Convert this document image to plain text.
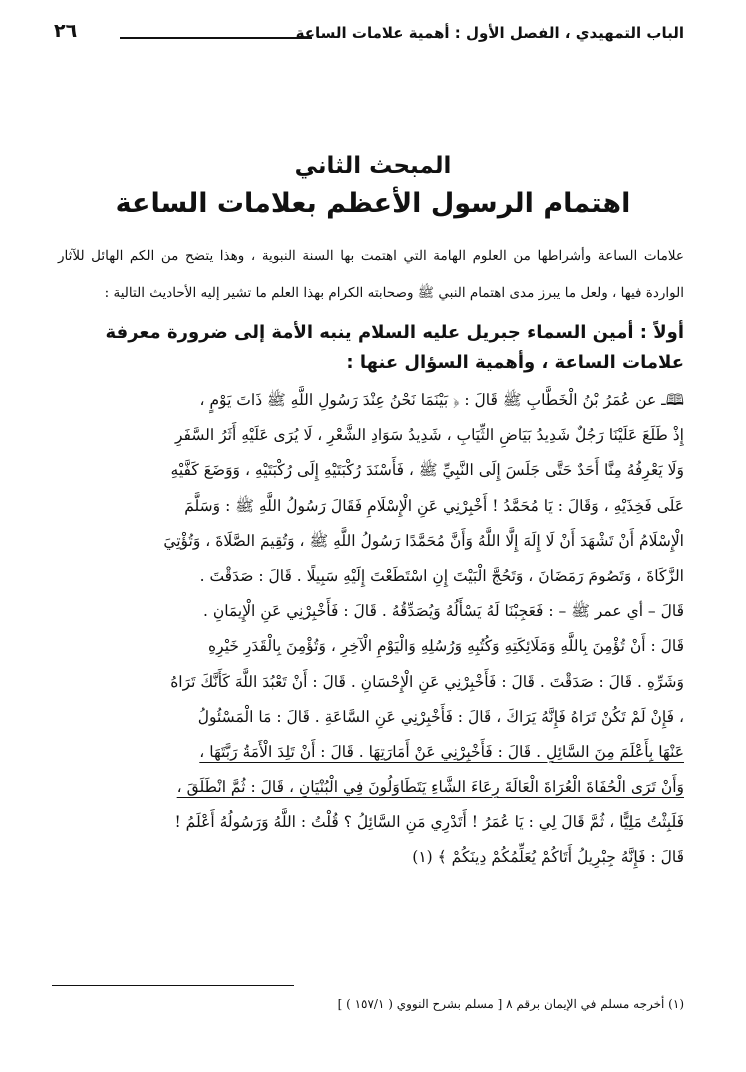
الباب التمهيدي ، الفصل الأول : أهمية علامات الساعة
٢٦
المبحث الثاني
اهتمام الرسول الأعظم بعلامات الساعة
علامات الساعة وأشراطها من العلوم الهامة التي اهتمت بها السنة النبوية ، وهذا يتضح من الكم الهائل للآثار الواردة فيها ، ولعل ما يبرز مدى اهتمام النبي ﷺ وصحابته الكرام بهذا العلم ما تشير إليه الأحاديث التالية :
أولاً : أمين السماء جبريل عليه السلام ينبه الأمة إلى ضرورة معرفة علامات الساعة ، وأهمية السؤال عنها :
🕮ـ عن عُمَرُ بْنُ الْخَطَّابِ ﷺ قَالَ : ﴿ بَيْنَمَا نَحْنُ عِنْدَ رَسُولِ اللَّهِ ﷺ ذَاتَ يَوْمٍ ،
إِذْ طَلَعَ عَلَيْنَا رَجُلٌ شَدِيدُ بَيَاضِ الثِّيَابِ ، شَدِيدُ سَوَادِ الشَّعْرِ ، لَا يُرَى عَلَيْهِ أَثَرُ السَّفَرِ
وَلَا يَعْرِفُهُ مِنَّا أَحَدٌ حَتَّى جَلَسَ إِلَى النَّبِيِّ ﷺ ، فَأَسْنَدَ رُكْبَتَيْهِ إِلَى رُكْبَتَيْهِ ، وَوَضَعَ كَفَّيْهِ
عَلَى فَخِذَيْهِ ، وَقَالَ : يَا مُحَمَّدُ ! أَخْبِرْنِي عَنِ الْإِسْلَامِ فَقَالَ رَسُولُ اللَّهِ ﷺ : وَسَلَّمَ
الْإِسْلَامُ أَنْ تَشْهَدَ أَنْ لَا إِلَهَ إِلَّا اللَّهُ وَأَنَّ مُحَمَّدًا رَسُولُ اللَّهِ ﷺ ، وَتُقِيمَ الصَّلَاةَ ، وَتُؤْتِيَ
الزَّكَاةَ ، وَتَصُومَ رَمَضَانَ ، وَتَحُجَّ الْبَيْتَ إِنِ اسْتَطَعْتَ إِلَيْهِ سَبِيلًا . قَالَ : صَدَقْتَ .
قَالَ – أي عمر ﷺ – : فَعَجِبْنَا لَهُ يَسْأَلُهُ وَيُصَدِّقُهُ . قَالَ : فَأَخْبِرْنِي عَنِ الْإِيمَانِ .
قَالَ : أَنْ تُؤْمِنَ بِاللَّهِ وَمَلَائِكَتِهِ وَكُتُبِهِ وَرُسُلِهِ وَالْيَوْمِ الْآخِرِ ، وَتُؤْمِنَ بِالْقَدَرِ خَيْرِهِ
وَشَرِّهِ . قَالَ : صَدَقْتَ . قَالَ : فَأَخْبِرْنِي عَنِ الْإِحْسَانِ . قَالَ : أَنْ تَعْبُدَ اللَّهَ كَأَنَّكَ تَرَاهُ
، فَإِنْ لَمْ تَكُنْ تَرَاهُ فَإِنَّهُ يَرَاكَ ، قَالَ : فَأَخْبِرْنِي عَنِ السَّاعَةِ . قَالَ : مَا الْمَسْئُولُ
عَنْهَا بِأَعْلَمَ مِنَ السَّائِلِ . قَالَ : فَأَخْبِرْنِي عَنْ أَمَارَتِهَا . قَالَ : أَنْ تَلِدَ الْأَمَةُ رَبَّتَهَا ،
وَأَنْ تَرَى الْحُفَاةَ الْعُرَاةَ الْعَالَةَ رِعَاءَ الشَّاءِ يَتَطَاوَلُونَ فِي الْبُنْيَانِ ، قَالَ : ثُمَّ انْطَلَقَ ،
فَلَبِثْتُ مَلِيًّا ، ثُمَّ قَالَ لِي : يَا عُمَرُ ! أَتَدْرِي مَنِ السَّائِلُ ؟ قُلْتُ : اللَّهُ وَرَسُولُهُ أَعْلَمُ !
قَالَ : فَإِنَّهُ جِبْرِيلُ أَتَاكُمْ يُعَلِّمُكُمْ دِينَكُمْ ﴾ (١)
(١) أخرجه مسلم في الإيمان برقم ٨ [ مسلم بشرح النووي ( ١٥٧/١ ) ]
